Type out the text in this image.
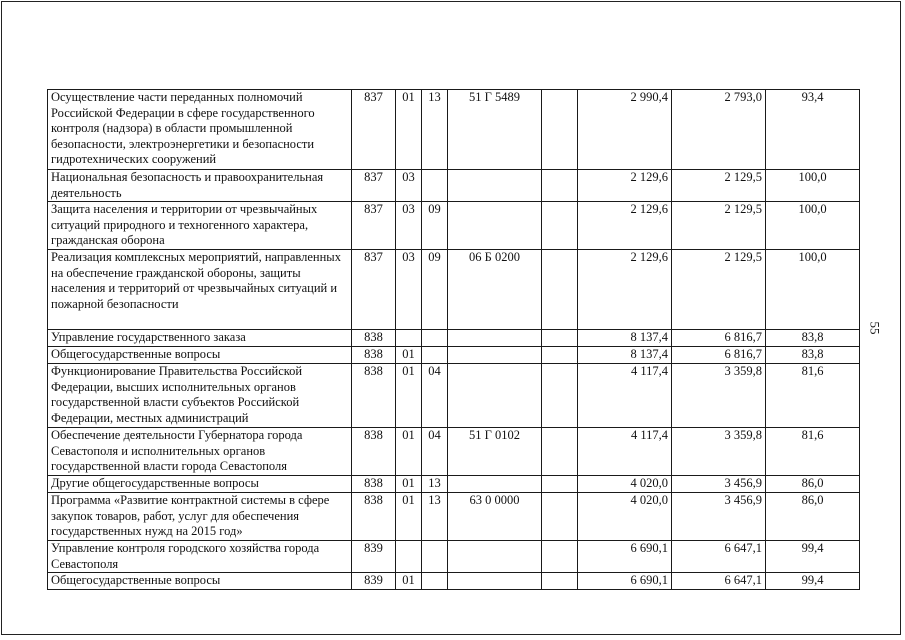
Осуществление части переданных полномочий Российской Федерации в сфере государственного контроля (надзора) в области промышленной безопасности, электроэнергетики и безопасности гидротехнических сооружений	837	01	13	51 Г 5489		2 990,4	2 793,0	93,4
Национальная безопасность и правоохранительная деятельность	837	03				2 129,6	2 129,5	100,0
Защита населения и территории от чрезвычайных ситуаций природного и техногенного характера, гражданская оборона	837	03	09			2 129,6	2 129,5	100,0
Реализация комплексных мероприятий, направленных на обеспечение гражданской обороны, защиты населения и территорий от чрезвычайных ситуаций и пожарной безопасности	837	03	09	06 Б 0200		2 129,6	2 129,5	100,0
Управление государственного заказа	838					8 137,4	6 816,7	83,8
Общегосударственные вопросы	838	01				8 137,4	6 816,7	83,8
Функционирование Правительства Российской Федерации, высших исполнительных органов государственной власти субъектов Российской Федерации, местных администраций	838	01	04			4 117,4	3 359,8	81,6
Обеспечение деятельности Губернатора города Севастополя и исполнительных органов государственной власти города Севастополя	838	01	04	51 Г 0102		4 117,4	3 359,8	81,6
Другие общегосударственные вопросы	838	01	13			4 020,0	3 456,9	86,0
Программа «Развитие контрактной системы в сфере закупок товаров, работ, услуг для обеспечения государственных нужд на 2015 год»	838	01	13	63 0 0000		4 020,0	3 456,9	86,0
Управление контроля городского хозяйства города Севастополя	839					6 690,1	6 647,1	99,4
Общегосударственные вопросы	839	01				6 690,1	6 647,1	99,4
55
